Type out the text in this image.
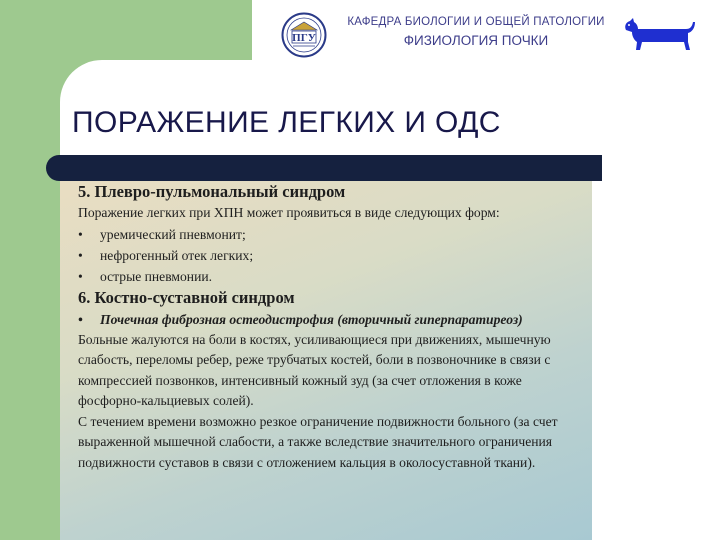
ПГУ
КАФЕДРА БИОЛОГИИ И ОБЩЕЙ ПАТОЛОГИИ
ФИЗИОЛОГИЯ ПОЧКИ
ПОРАЖЕНИЕ ЛЕГКИХ И ОДС

5. Плевро-пульмональный синдром

Поражение легких при ХПН может проявиться в виде следующих форм:

• уремический пневмонит;
• нефрогенный отек легких;
• острые пневмонии.

6. Костно-суставной синдром

• Почечная фиброзная остеодистрофия (вторичный гиперпаратиреоз)

Больные жалуются на боли в костях, усиливающиеся при движениях, мышечную слабость, переломы ребер, реже трубчатых костей, боли в позвоночнике в связи с компрессией позвонков, интенсивный кожный зуд (за счет отложения в коже фосфорно-кальциевых солей).

С течением времени возможно резкое ограничение подвижности больного (за счет выраженной мышечной слабости, а также вследствие значительного ограничения подвижности суставов в связи с отложением кальция в околосуставной ткани).
